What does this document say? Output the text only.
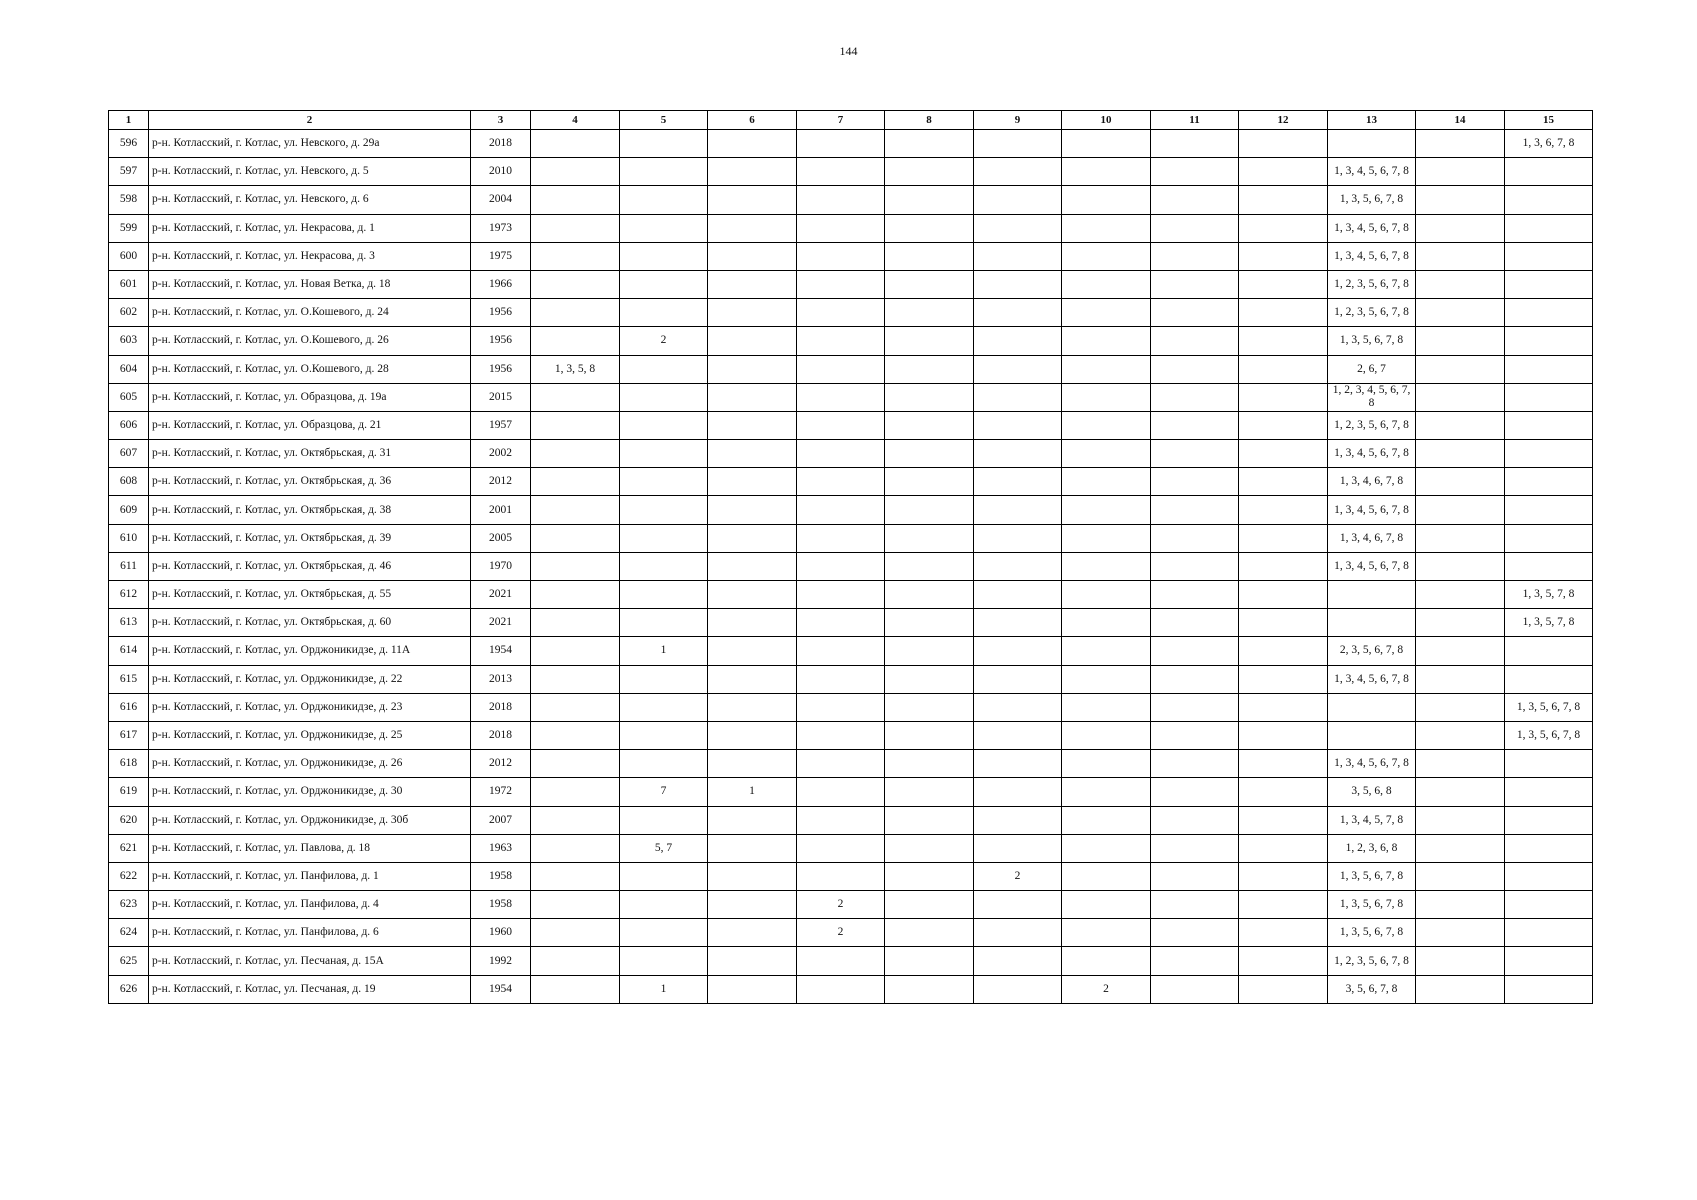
144
1	2	3	4	5	6	7	8	9	10	11	12	13	14	15
596	р-н. Котласский, г. Котлас, ул. Невского, д. 29а	2018												1, 3, 6, 7, 8
597	р-н. Котласский, г. Котлас, ул. Невского, д. 5	2010										1, 3, 4, 5, 6, 7, 8		
598	р-н. Котласский, г. Котлас, ул. Невского, д. 6	2004										1, 3, 5, 6, 7, 8		
599	р-н. Котласский, г. Котлас, ул. Некрасова, д. 1	1973										1, 3, 4, 5, 6, 7, 8		
600	р-н. Котласский, г. Котлас, ул. Некрасова, д. 3	1975										1, 3, 4, 5, 6, 7, 8		
601	р-н. Котласский, г. Котлас, ул. Новая Ветка, д. 18	1966										1, 2, 3, 5, 6, 7, 8		
602	р-н. Котласский, г. Котлас, ул. О.Кошевого, д. 24	1956										1, 2, 3, 5, 6, 7, 8		
603	р-н. Котласский, г. Котлас, ул. О.Кошевого, д. 26	1956		2								1, 3, 5, 6, 7, 8		
604	р-н. Котласский, г. Котлас, ул. О.Кошевого, д. 28	1956	1, 3, 5, 8									2, 6, 7		
605	р-н. Котласский, г. Котлас, ул. Образцова, д. 19а	2015										1, 2, 3, 4, 5, 6, 7, 8		
606	р-н. Котласский, г. Котлас, ул. Образцова, д. 21	1957										1, 2, 3, 5, 6, 7, 8		
607	р-н. Котласский, г. Котлас, ул. Октябрьская, д. 31	2002										1, 3, 4, 5, 6, 7, 8		
608	р-н. Котласский, г. Котлас, ул. Октябрьская, д. 36	2012										1, 3, 4, 6, 7, 8		
609	р-н. Котласский, г. Котлас, ул. Октябрьская, д. 38	2001										1, 3, 4, 5, 6, 7, 8		
610	р-н. Котласский, г. Котлас, ул. Октябрьская, д. 39	2005										1, 3, 4, 6, 7, 8		
611	р-н. Котласский, г. Котлас, ул. Октябрьская, д. 46	1970										1, 3, 4, 5, 6, 7, 8		
612	р-н. Котласский, г. Котлас, ул. Октябрьская, д. 55	2021												1, 3, 5, 7, 8
613	р-н. Котласский, г. Котлас, ул. Октябрьская, д. 60	2021												1, 3, 5, 7, 8
614	р-н. Котласский, г. Котлас, ул. Орджоникидзе, д. 11А	1954		1								2, 3, 5, 6, 7, 8		
615	р-н. Котласский, г. Котлас, ул. Орджоникидзе, д. 22	2013										1, 3, 4, 5, 6, 7, 8		
616	р-н. Котласский, г. Котлас, ул. Орджоникидзе, д. 23	2018												1, 3, 5, 6, 7, 8
617	р-н. Котласский, г. Котлас, ул. Орджоникидзе, д. 25	2018												1, 3, 5, 6, 7, 8
618	р-н. Котласский, г. Котлас, ул. Орджоникидзе, д. 26	2012										1, 3, 4, 5, 6, 7, 8		
619	р-н. Котласский, г. Котлас, ул. Орджоникидзе, д. 30	1972		7	1							3, 5, 6, 8		
620	р-н. Котласский, г. Котлас, ул. Орджоникидзе, д. 30б	2007										1, 3, 4, 5, 7, 8		
621	р-н. Котласский, г. Котлас, ул. Павлова, д. 18	1963		5, 7								1, 2, 3, 6, 8		
622	р-н. Котласский, г. Котлас, ул. Панфилова, д. 1	1958						2				1, 3, 5, 6, 7, 8		
623	р-н. Котласский, г. Котлас, ул. Панфилова, д. 4	1958				2						1, 3, 5, 6, 7, 8		
624	р-н. Котласский, г. Котлас, ул. Панфилова, д. 6	1960				2						1, 3, 5, 6, 7, 8		
625	р-н. Котласский, г. Котлас, ул. Песчаная, д. 15А	1992										1, 2, 3, 5, 6, 7, 8		
626	р-н. Котласский, г. Котлас, ул. Песчаная, д. 19	1954		1					2			3, 5, 6, 7, 8		
